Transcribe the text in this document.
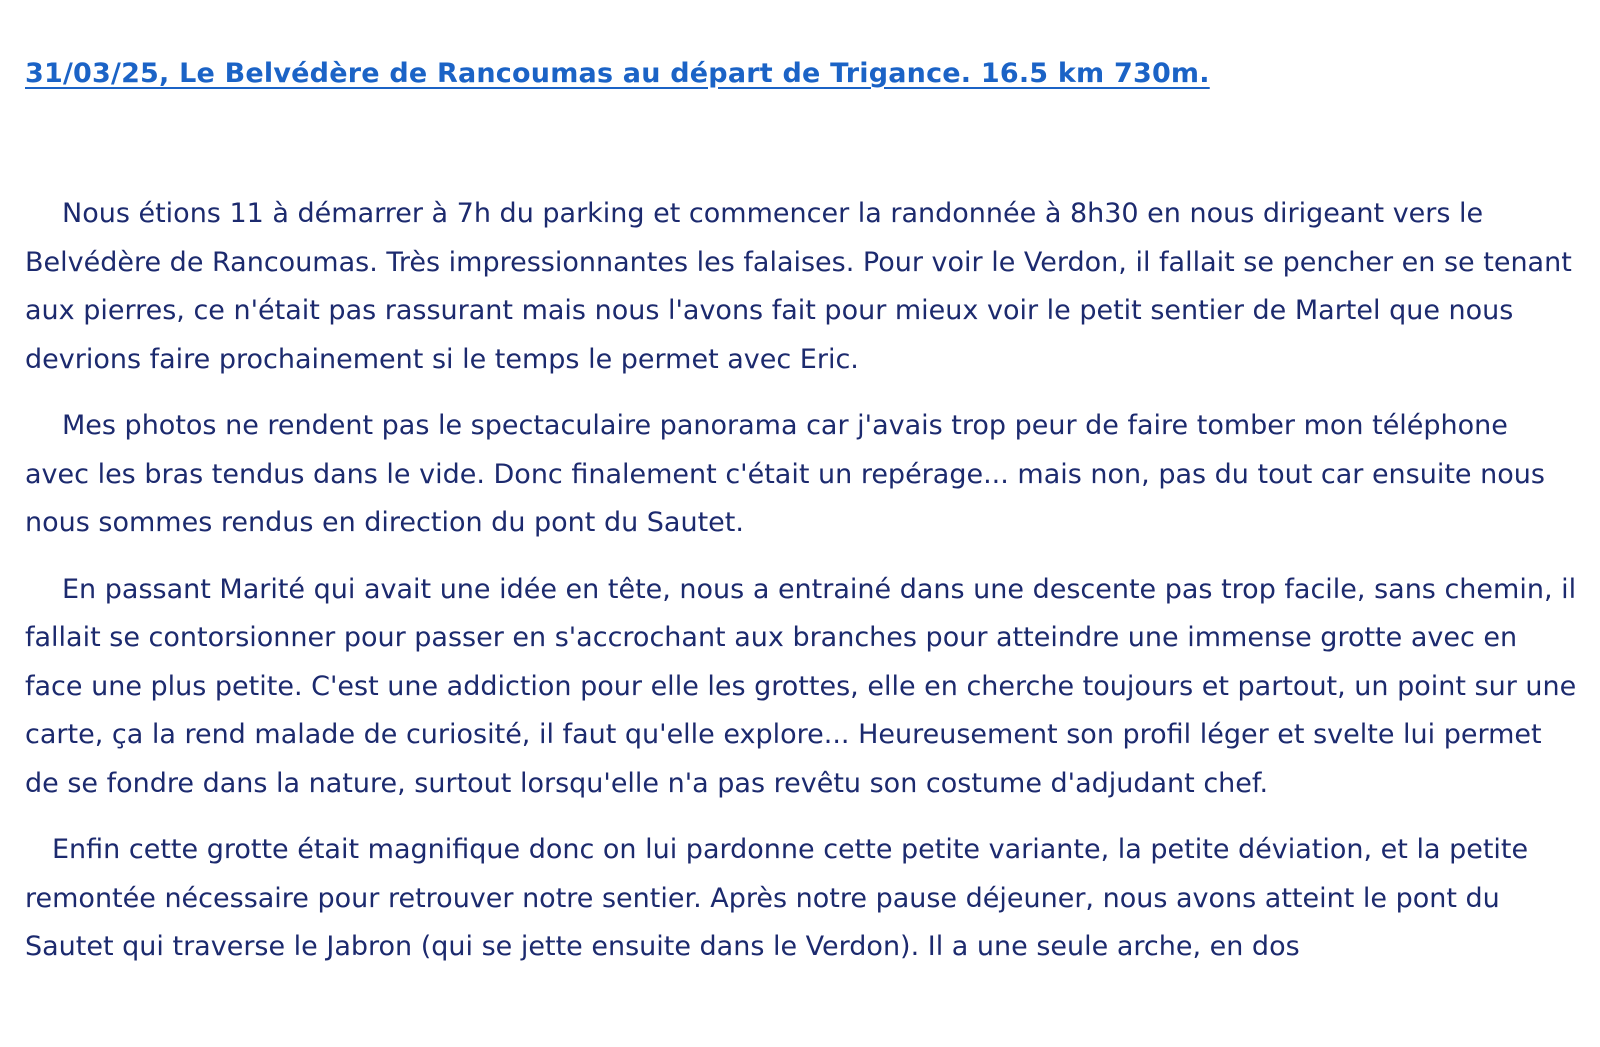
31/03/25, Le Belvédère de Rancoumas au départ de Trigance. 16.5 km 730m.

Nous étions 11 à démarrer à 7h du parking et commencer la randonnée à 8h30 en nous dirigeant vers le Belvédère de Rancoumas. Très impressionnantes les falaises. Pour voir le Verdon, il fallait se pencher en se tenant aux pierres, ce n'était pas rassurant mais nous l'avons fait pour mieux voir le petit sentier de Martel que nous devrions faire prochainement si le temps le permet avec Eric.

Mes photos ne rendent pas le spectaculaire panorama car j'avais trop peur de faire tomber mon téléphone avec les bras tendus dans le vide. Donc finalement c'était un repérage... mais non, pas du tout car ensuite nous nous sommes rendus en direction du pont du Sautet.

En passant Marité qui avait une idée en tête, nous a entrainé dans une descente pas trop facile, sans chemin, il fallait se contorsionner pour passer en s'accrochant aux branches pour atteindre une immense grotte avec en face une plus petite. C'est une addiction pour elle les grottes, elle en cherche toujours et partout, un point sur une carte, ça la rend malade de curiosité, il faut qu'elle explore... Heureusement son profil léger et svelte lui permet de se fondre dans la nature, surtout lorsqu'elle n'a pas revêtu son costume d'adjudant chef.

Enfin cette grotte était magnifique donc on lui pardonne cette petite variante, la petite déviation, et la petite remontée nécessaire pour retrouver notre sentier. Après notre pause déjeuner, nous avons atteint le pont du Sautet qui traverse le Jabron (qui se jette ensuite dans le Verdon). Il a une seule arche, en dos
